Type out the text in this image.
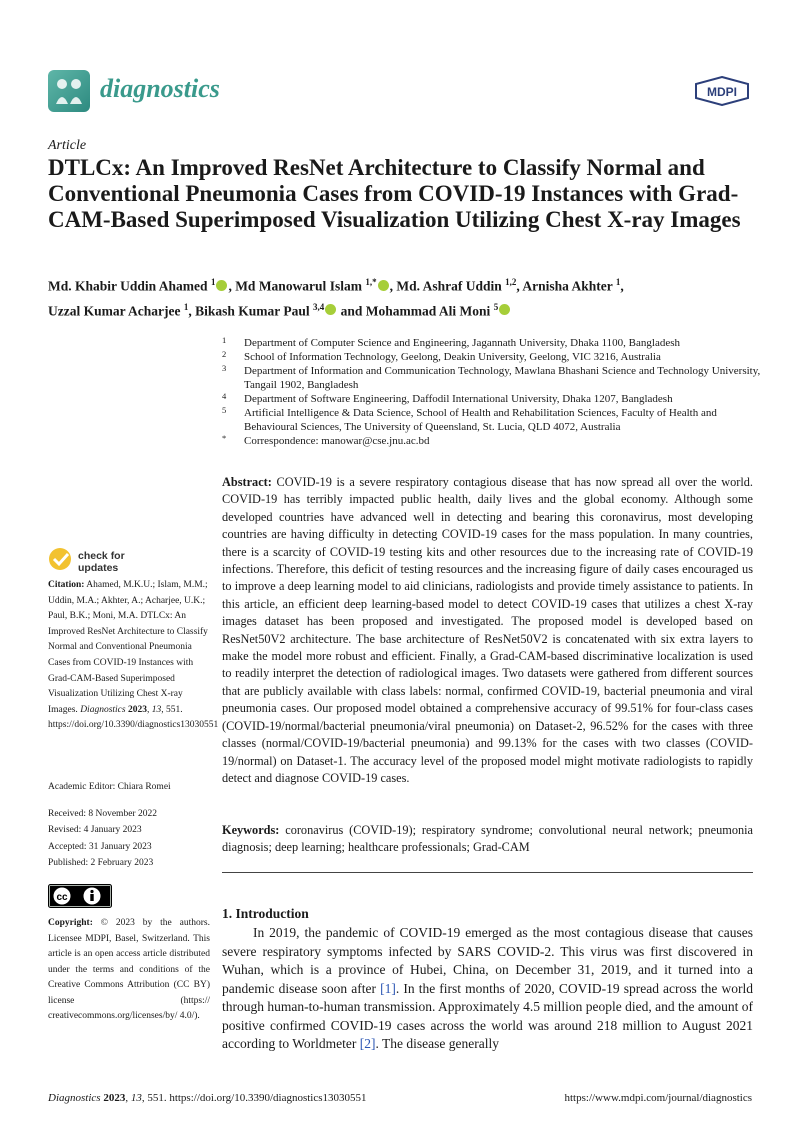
diagnostics	MDPI
Article
DTLCx: An Improved ResNet Architecture to Classify Normal and Conventional Pneumonia Cases from COVID-19 Instances with Grad-CAM-Based Superimposed Visualization Utilizing Chest X-ray Images
Md. Khabir Uddin Ahamed $^1$ , Md Manowarul Islam $^{1,*}$ , Md. Ashraf Uddin $^{1,2}$, Arnisha Akhter $^1$,
Uzzal Kumar Acharjee $^1$, Bikash Kumar Paul $^{3,4}$ and Mohammad Ali Moni $^5$
1 Department of Computer Science and Engineering, Jagannath University, Dhaka 1100, Bangladesh
2 School of Information Technology, Geelong, Deakin University, Geelong, VIC 3216, Australia
3 Department of Information and Communication Technology, Mawlana Bhashani Science and Technology University, Tangail 1902, Bangladesh
4 Department of Software Engineering, Daffodil International University, Dhaka 1207, Bangladesh
5 Artificial Intelligence & Data Science, School of Health and Rehabilitation Sciences, Faculty of Health and Behavioural Sciences, The University of Queensland, St. Lucia, QLD 4072, Australia
* Correspondence: manowar@cse.jnu.ac.bd
Abstract: COVID-19 is a severe respiratory contagious disease that has now spread all over the world. COVID-19 has terribly impacted public health, daily lives and the global economy. Although some developed countries have advanced well in detecting and bearing this coronavirus, most developing countries are having difficulty in detecting COVID-19 cases for the mass population. In many countries, there is a scarcity of COVID-19 testing kits and other resources due to the increasing rate of COVID-19 infections. Therefore, this deficit of testing resources and the increasing figure of daily cases encouraged us to improve a deep learning model to aid clinicians, radiologists and provide timely assistance to patients. In this article, an efficient deep learning-based model to detect COVID-19 cases that utilizes a chest X-ray images dataset has been proposed and investigated. The proposed model is developed based on ResNet50V2 architecture. The base architecture of ResNet50V2 is concatenated with six extra layers to make the model more robust and efficient. Finally, a Grad-CAM-based discriminative localization is used to readily interpret the detection of radiological images. Two datasets were gathered from different sources that are publicly available with class labels: normal, confirmed COVID-19, bacterial pneumonia and viral pneumonia cases. Our proposed model obtained a comprehensive accuracy of 99.51% for four-class cases (COVID-19/normal/bacterial pneumonia/viral pneumonia) on Dataset-2, 96.52% for the cases with three classes (normal/COVID-19/bacterial pneumonia) and 99.13% for the cases with two classes (COVID-19/normal) on Dataset-1. The accuracy level of the proposed model might motivate radiologists to rapidly detect and diagnose COVID-19 cases.
Keywords: coronavirus (COVID-19); respiratory syndrome; convolutional neural network; pneumonia diagnosis; deep learning; healthcare professionals; Grad-CAM
check for
updates
Citation: Ahamed, M.K.U.; Islam, M.M.; Uddin, M.A.; Akhter, A.; Acharjee, U.K.; Paul, B.K.; Moni, M.A. DTLCx: An Improved ResNet Architecture to Classify Normal and Conventional Pneumonia Cases from COVID-19 Instances with Grad-CAM-Based Superimposed Visualization Utilizing Chest X-ray Images. Diagnostics 2023, 13, 551. https://doi.org/10.3390/diagnostics13030551
Academic Editor: Chiara Romei
Received: 8 November 2022
Revised: 4 January 2023
Accepted: 31 January 2023
Published: 2 February 2023
cc
Copyright: © 2023 by the authors. Licensee MDPI, Basel, Switzerland. This article is an open access article distributed under the terms and conditions of the Creative Commons Attribution (CC BY) license (https:// creativecommons.org/licenses/by/ 4.0/).
1. Introduction
In 2019, the pandemic of COVID-19 emerged as the most contagious disease that causes severe respiratory symptoms infected by SARS COVID-2. This virus was first discovered in Wuhan, which is a province of Hubei, China, on December 31, 2019, and it turned into a pandemic disease soon after [1]. In the first months of 2020, COVID-19 spread across the world through human-to-human transmission. Approximately 4.5 million people died, and the amount of positive confirmed COVID-19 cases across the world was around 218 million to August 2021 according to Worldmeter [2]. The disease generally
Diagnostics 2023, 13, 551. https://doi.org/10.3390/diagnostics13030551	https://www.mdpi.com/journal/diagnostics
